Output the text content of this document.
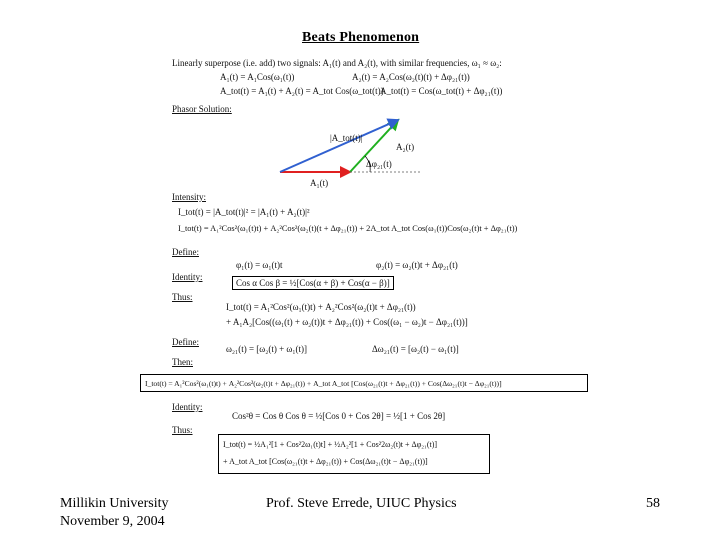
Beats Phenomenon
Linearly superpose (i.e. add) two signals: A₁(t) and A₂(t), with similar frequencies, ω₁ ≈ ω₂:
A₁(t) = A₁Cos(ω₁(t))	A₂(t) = A₂Cos(ω₂(t)(t) + Δφ₂₁(t))
A_tot(t) = A₁(t) + A₂(t) = A_tot Cos(ω_tot(t))
A_tot(t) = Cos(ω_tot(t) + Δφ₂₁(t))
Phasor Solution:
|A_tot(t)|
A₂(t)
Δφ₂₁(t)
A₁(t)
Intensity:
I_tot(t) = |A_tot(t)|² = |A₁(t) + A₂(t)|²
I_tot(t) = A₁²Cos²(ω₁(t)t) + A₂²Cos²(ω₂(t)(t + Δφ₂₁(t)) + 2A_tot A_tot Cos(ω₁(t))Cos(ω₂(t)t + Δφ₂₁(t))
Define:
φ₁(t) = ω₁(t)t	φ₂(t) = ω₂(t)t + Δφ₂₁(t)
Identity:
Cos α Cos β = ½[Cos(α + β) + Cos(α − β)]
Thus:
I_tot(t) = A₁²Cos²(ω₁(t)t) + A₂²Cos²(ω₂(t)t + Δφ₂₁(t))
+ A₁A₂[Cos((ω₁(t) + ω₂(t))t + Δφ₂₁(t)) + Cos((ω₁ − ω₂)t − Δφ₂₁(t))]
Define:
ω₂₁(t) = [ω₂(t) + ω₁(t)]	Δω₂₁(t) = [ω₂(t) − ω₁(t)]
Then:
I_tot(t) = A₁²Cos²(ω₁(t)t) + A₂²Cos²(ω₂(t)t + Δφ₂₁(t)) + A_tot A_tot [Cos(ω₂₁(t)t + Δφ₂₁(t)) + Cos(Δω₂₁(t)t − Δφ₂₁(t))]
Identity:
Cos²θ = Cos θ Cos θ = ½[Cos 0 + Cos 2θ] = ½[1 + Cos 2θ]
Thus:
I_tot(t) = ½A₁²[1 + Cos²2ω₁(t)t] + ½A₂²[1 + Cos²2ω₂(t)t + Δφ₂₁(t)]
+ A_tot A_tot [Cos(ω₂₁(t)t + Δφ₂₁(t)) + Cos(Δω₂₁(t)t − Δφ₂₁(t))]
Millikin University
November 9, 2004
Prof. Steve Errede, UIUC Physics	58
